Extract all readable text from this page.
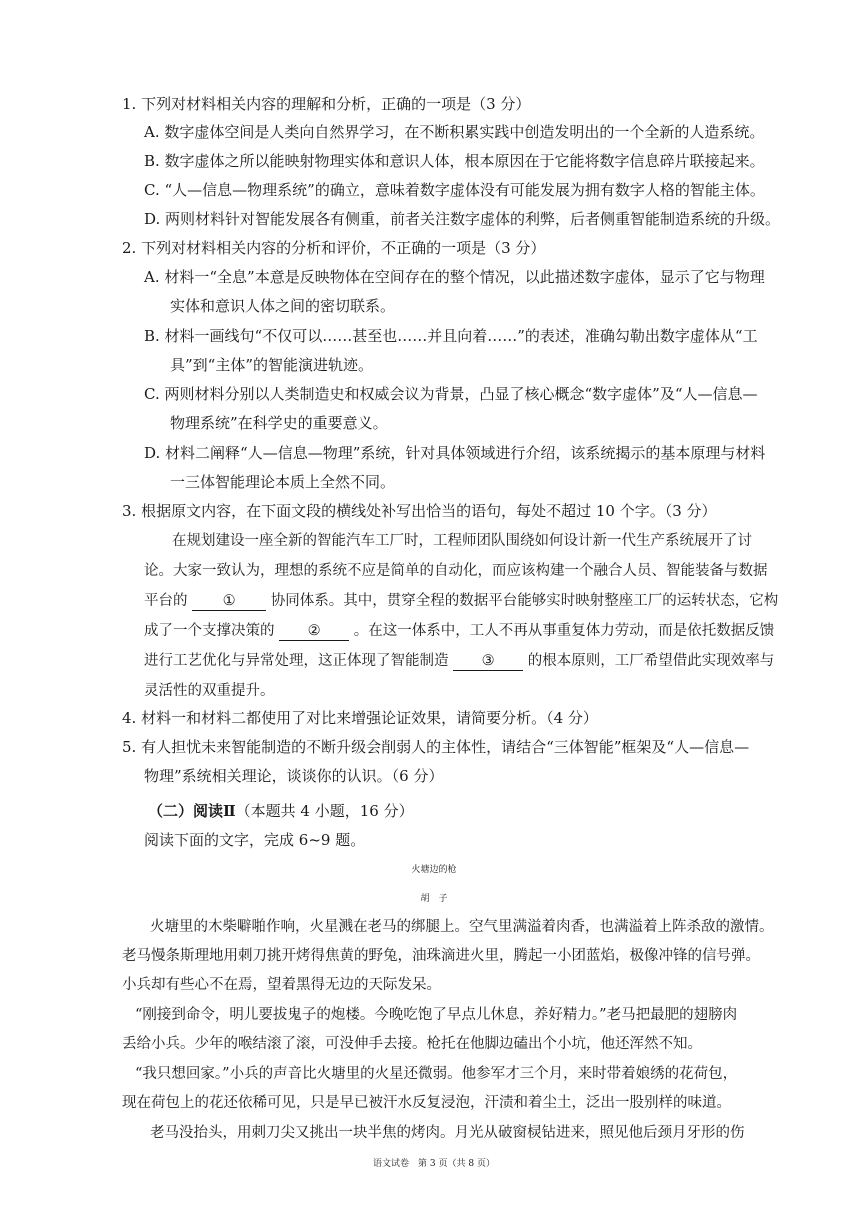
1. 下列对材料相关内容的理解和分析，正确的一项是（3 分）
A. 数字虚体空间是人类向自然界学习，在不断积累实践中创造发明出的一个全新的人造系统。
B. 数字虚体之所以能映射物理实体和意识人体，根本原因在于它能将数字信息碎片联接起来。
C. “人—信息—物理系统”的确立，意味着数字虚体没有可能发展为拥有数字人格的智能主体。
D. 两则材料针对智能发展各有侧重，前者关注数字虚体的利弊，后者侧重智能制造系统的升级。
2. 下列对材料相关内容的分析和评价，不正确的一项是（3 分）
A. 材料一“全息”本意是反映物体在空间存在的整个情况，以此描述数字虚体，显示了它与物理
实体和意识人体之间的密切联系。
B. 材料一画线句“不仅可以……甚至也……并且向着……”的表述，准确勾勒出数字虚体从“工
具”到“主体”的智能演进轨迹。
C. 两则材料分别以人类制造史和权威会议为背景，凸显了核心概念“数字虚体”及“人—信息—
物理系统”在科学史的重要意义。
D. 材料二阐释“人—信息—物理”系统，针对具体领域进行介绍，该系统揭示的基本原理与材料
一三体智能理论本质上全然不同。
3. 根据原文内容，在下面文段的横线处补写出恰当的语句，每处不超过 10 个字。（3 分）
在规划建设一座全新的智能汽车工厂时，工程师团队围绕如何设计新一代生产系统展开了讨
论。大家一致认为，理想的系统不应是简单的自动化，而应该构建一个融合人员、智能装备与数据
平台的 ① 协同体系。其中，贯穿全程的数据平台能够实时映射整座工厂的运转状态，它构
成了一个支撑决策的 ② 。在这一体系中，工人不再从事重复体力劳动，而是依托数据反馈
进行工艺优化与异常处理，这正体现了智能制造 ③ 的根本原则，工厂希望借此实现效率与
灵活性的双重提升。
4. 材料一和材料二都使用了对比来增强论证效果，请简要分析。（4 分）
5. 有人担忧未来智能制造的不断升级会削弱人的主体性，请结合“三体智能”框架及“人—信息—
物理”系统相关理论，谈谈你的认识。（6 分）
（二）阅读Ⅱ（本题共 4 小题，16 分）
阅读下面的文字，完成 6~9 题。
火塘边的枪
胡　子
火塘里的木柴噼啪作响，火星溅在老马的绑腿上。空气里满溢着肉香，也满溢着上阵杀敌的激情。
老马慢条斯理地用刺刀挑开烤得焦黄的野兔，油珠滴进火里，腾起一小团蓝焰，极像冲锋的信号弹。
小兵却有些心不在焉，望着黑得无边的天际发呆。
“刚接到命令，明儿要拔鬼子的炮楼。今晚吃饱了早点儿休息，养好精力。”老马把最肥的翅膀肉
丢给小兵。少年的喉结滚了滚，可没伸手去接。枪托在他脚边磕出个小坑，他还浑然不知。
“我只想回家。”小兵的声音比火塘里的火星还微弱。他参军才三个月，来时带着娘绣的花荷包，
现在荷包上的花还依稀可见，只是早已被汗水反复浸泡，汗渍和着尘土，泛出一股别样的味道。
老马没抬头，用刺刀尖又挑出一块半焦的烤肉。月光从破窗棂钻进来，照见他后颈月牙形的伤
语文试卷　第 3 页（共 8 页）
